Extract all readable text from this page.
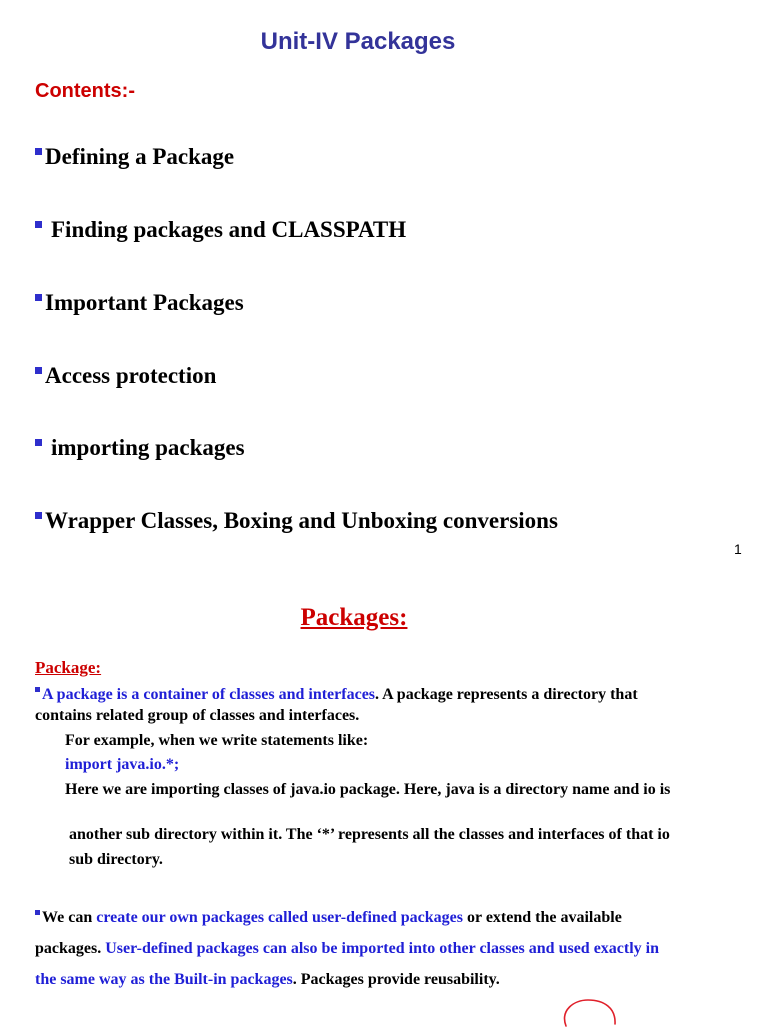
Unit-IV Packages
Contents:-
Defining a Package
Finding packages and CLASSPATH
Important Packages
Access protection
importing packages
Wrapper Classes, Boxing and Unboxing conversions
1
Packages:
Package:
A package is a container of classes and interfaces. A package represents a directory that
contains related group of classes and interfaces.
For example, when we write statements like:
import java.io.*;
Here we are importing classes of java.io package. Here, java is a directory name and io is
another sub directory within it. The ‘*’ represents all the classes and interfaces of that io
sub directory.
We can create our own packages called user-defined packages or extend the available
packages. User-defined packages can also be imported into other classes and used exactly in
the same way as the Built-in packages. Packages provide reusability.
